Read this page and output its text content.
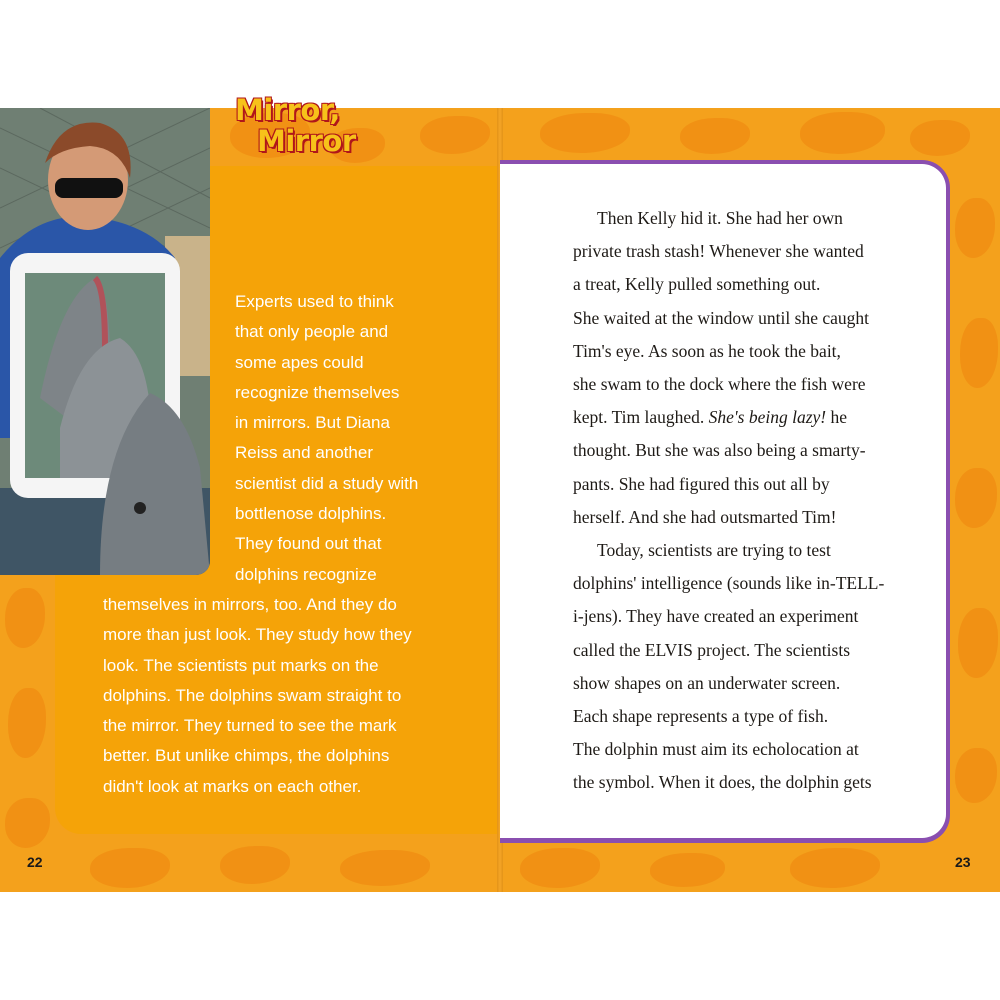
Mirror,
Mirror
Experts used to think
that only people and
some apes could
recognize themselves
in mirrors. But Diana
Reiss and another
scientist did a study with
bottlenose dolphins.
They found out that
dolphins recognize
themselves in mirrors, too. And they do
more than just look. They study how they
look. The scientists put marks on the
dolphins. The dolphins swam straight to
the mirror. They turned to see the mark
better. But unlike chimps, the dolphins
didn't look at marks on each other.
22
Then Kelly hid it. She had her own
private trash stash! Whenever she wanted
a treat, Kelly pulled something out.
She waited at the window until she caught
Tim's eye. As soon as he took the bait,
she swam to the dock where the fish were
kept. Tim laughed. She's being lazy! he
thought. But she was also being a smarty-
pants. She had figured this out all by
herself. And she had outsmarted Tim!
Today, scientists are trying to test
dolphins' intelligence (sounds like in-TELL-
i-jens). They have created an experiment
called the ELVIS project. The scientists
show shapes on an underwater screen.
Each shape represents a type of fish.
The dolphin must aim its echolocation at
the symbol. When it does, the dolphin gets
23
